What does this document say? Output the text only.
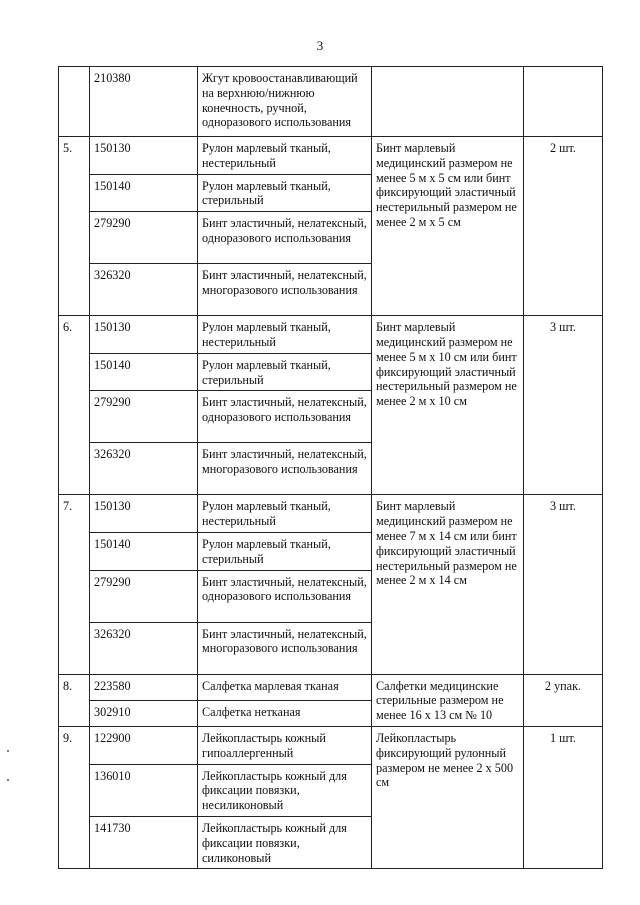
3
	210380	Жгут кровоостанавливающий на верхнюю/нижнюю конечность, ручной, одноразового использования		
5.	150130	Рулон марлевый тканый, нестерильный	Бинт марлевый медицинский размером не менее 5 м х 5 см или бинт фиксирующий эластичный нестерильный размером не менее 2 м х 5 см	2 шт.
	150140	Рулон марлевый тканый, стерильный		
	279290	Бинт эластичный, нелатексный, одноразового использования		
	326320	Бинт эластичный, нелатексный, многоразового использования		
6.	150130	Рулон марлевый тканый, нестерильный	Бинт марлевый медицинский размером не менее 5 м х 10 см или бинт фиксирующий эластичный нестерильный размером не менее 2 м х 10 см	3 шт.
	150140	Рулон марлевый тканый, стерильный		
	279290	Бинт эластичный, нелатексный, одноразового использования		
	326320	Бинт эластичный, нелатексный, многоразового использования		
7.	150130	Рулон марлевый тканый, нестерильный	Бинт марлевый медицинский размером не менее 7 м х 14 см или бинт фиксирующий эластичный нестерильный размером не менее 2 м х 14 см	3 шт.
	150140	Рулон марлевый тканый, стерильный		
	279290	Бинт эластичный, нелатексный, одноразового использования		
	326320	Бинт эластичный, нелатексный, многоразового использования		
8.	223580	Салфетка марлевая тканая	Салфетки медицинские стерильные размером не менее 16 х 13 см № 10	2 упак.
	302910	Салфетка нетканая		
9.	122900	Лейкопластырь кожный гипоаллергенный	Лейкопластырь фиксирующий рулонный размером не менее 2 х 500 см	1 шт.
	136010	Лейкопластырь кожный для фиксации повязки, несиликоновый		
	141730	Лейкопластырь кожный для фиксации повязки, силиконовый		
